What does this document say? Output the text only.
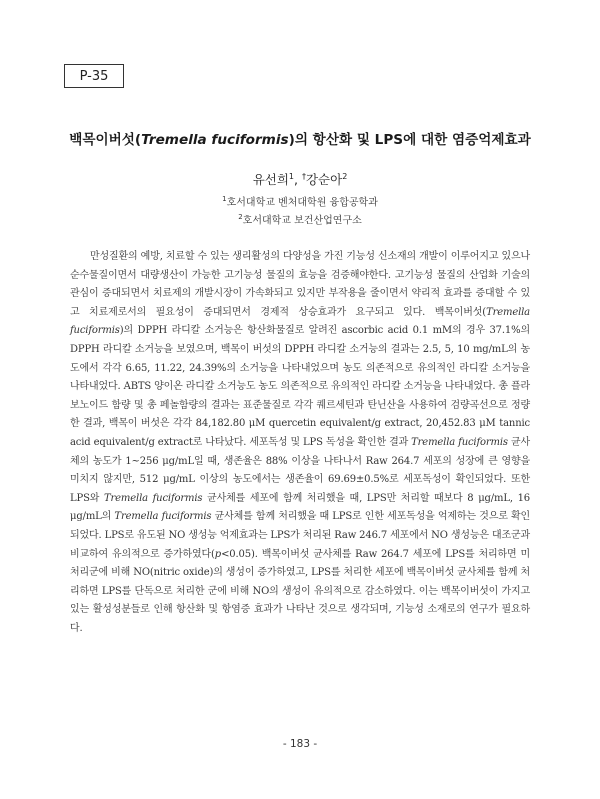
P-35
백목이버섯(Tremella fuciformis)의 항산화 및 LPS에 대한 염증억제효과
유선희$^1$, †강순아$^2$
$^1$호서대학교 벤처대학원 융합공학과
$^2$호서대학교 보건산업연구소
만성질환의 예방, 치료할 수 있는 생리활성의 다양성을 가진 기능성 신소재의 개발이 이루어지고 있으나 순수물질이면서 대량생산이 가능한 고기능성 물질의 효능을 검증해야한다. 고기능성 물질의 산업화 기술의 관심이 증대되면서 치료제의 개발시장이 가속화되고 있지만 부작용을 줄이면서 약리적 효과를 증대할 수 있고 치료제로서의 필요성이 증대되면서 경제적 상승효과가 요구되고 있다. 백목이버섯(Tremella fuciformis)의 DPPH 라디칼 소거능은 항산화물질로 알려진 ascorbic acid 0.1 mM의 경우 37.1%의 DPPH 라디칼 소거능을 보였으며, 백목이 버섯의 DPPH 라디칼 소거능의 결과는 2.5, 5, 10 mg/mL의 농도에서 각각 6.65, 11.22, 24.39%의 소거능을 나타내었으며 농도 의존적으로 유의적인 라디칼 소거능을 나타내었다. ABTS 양이온 라디칼 소거능도 농도 의존적으로 유의적인 라디칼 소거능을 나타내었다. 총 플라보노이드 함량 및 총 페놀함량의 결과는 표준물질로 각각 퀘르세틴과 탄닌산을 사용하여 검량곡선으로 정량한 결과, 백목이 버섯은 각각 84,182.80 μM quercetin equivalent/g extract, 20,452.83 μM tannic acid equivalent/g extract로 나타났다. 세포독성 및 LPS 독성을 확인한 결과 Tremella fuciformis 균사체의 농도가 1~256 μg/mL일 때, 생존율은 88% 이상을 나타나서 Raw 264.7 세포의 성장에 큰 영향을 미치지 않지만, 512 μg/mL 이상의 농도에서는 생존율이 69.69±0.5%로 세포독성이 확인되었다. 또한 LPS와 Tremella fuciformis 균사체를 세포에 함께 처리했을 때, LPS만 처리할 때보다 8 μg/mL, 16 μg/mL의 Tremella fuciformis 균사체를 함께 처리했을 때 LPS로 인한 세포독성을 억제하는 것으로 확인되었다. LPS로 유도된 NO 생성능 억제효과는 LPS가 처리된 Raw 246.7 세포에서 NO 생성능은 대조군과 비교하여 유의적으로 증가하였다(p<0.05). 백목이버섯 균사체를 Raw 264.7 세포에 LPS를 처리하면 미처리군에 비해 NO(nitric oxide)의 생성이 증가하였고, LPS를 처리한 세포에 백목이버섯 균사체를 함께 처리하면 LPS를 단독으로 처리한 군에 비해 NO의 생성이 유의적으로 감소하였다. 이는 백목이버섯이 가지고 있는 활성성분들로 인해 항산화 및 항염증 효과가 나타난 것으로 생각되며, 기능성 소재로의 연구가 필요하다.
- 183 -
